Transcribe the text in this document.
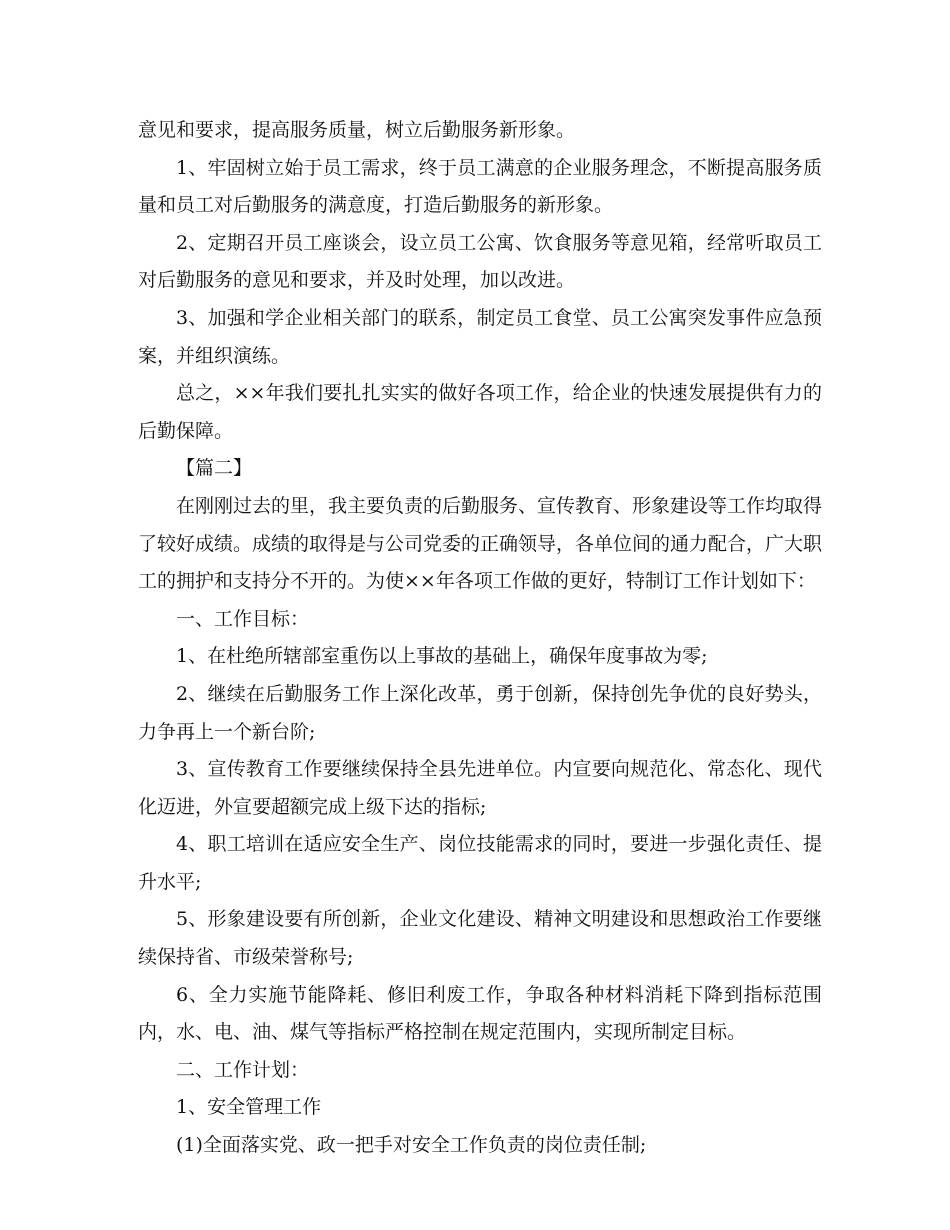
意见和要求，提高服务质量，树立后勤服务新形象。

1、牢固树立始于员工需求，终于员工满意的企业服务理念，不断提高服务质量和员工对后勤服务的满意度，打造后勤服务的新形象。

2、定期召开员工座谈会，设立员工公寓、饮食服务等意见箱，经常听取员工对后勤服务的意见和要求，并及时处理，加以改进。

3、加强和学企业相关部门的联系，制定员工食堂、员工公寓突发事件应急预案，并组织演练。

总之，××年我们要扎扎实实的做好各项工作，给企业的快速发展提供有力的后勤保障。

【篇二】

在刚刚过去的里，我主要负责的后勤服务、宣传教育、形象建设等工作均取得了较好成绩。成绩的取得是与公司党委的正确领导，各单位间的通力配合，广大职工的拥护和支持分不开的。为使××年各项工作做的更好，特制订工作计划如下：

一、工作目标：

1、在杜绝所辖部室重伤以上事故的基础上，确保年度事故为零;

2、继续在后勤服务工作上深化改革，勇于创新，保持创先争优的良好势头，力争再上一个新台阶;

3、宣传教育工作要继续保持全县先进单位。内宣要向规范化、常态化、现代化迈进，外宣要超额完成上级下达的指标;

4、职工培训在适应安全生产、岗位技能需求的同时，要进一步强化责任、提升水平;

5、形象建设要有所创新，企业文化建设、精神文明建设和思想政治工作要继续保持省、市级荣誉称号;

6、全力实施节能降耗、修旧利废工作，争取各种材料消耗下降到指标范围内，水、电、油、煤气等指标严格控制在规定范围内，实现所制定目标。

二、工作计划：

1、安全管理工作

(1)全面落实党、政一把手对安全工作负责的岗位责任制;
